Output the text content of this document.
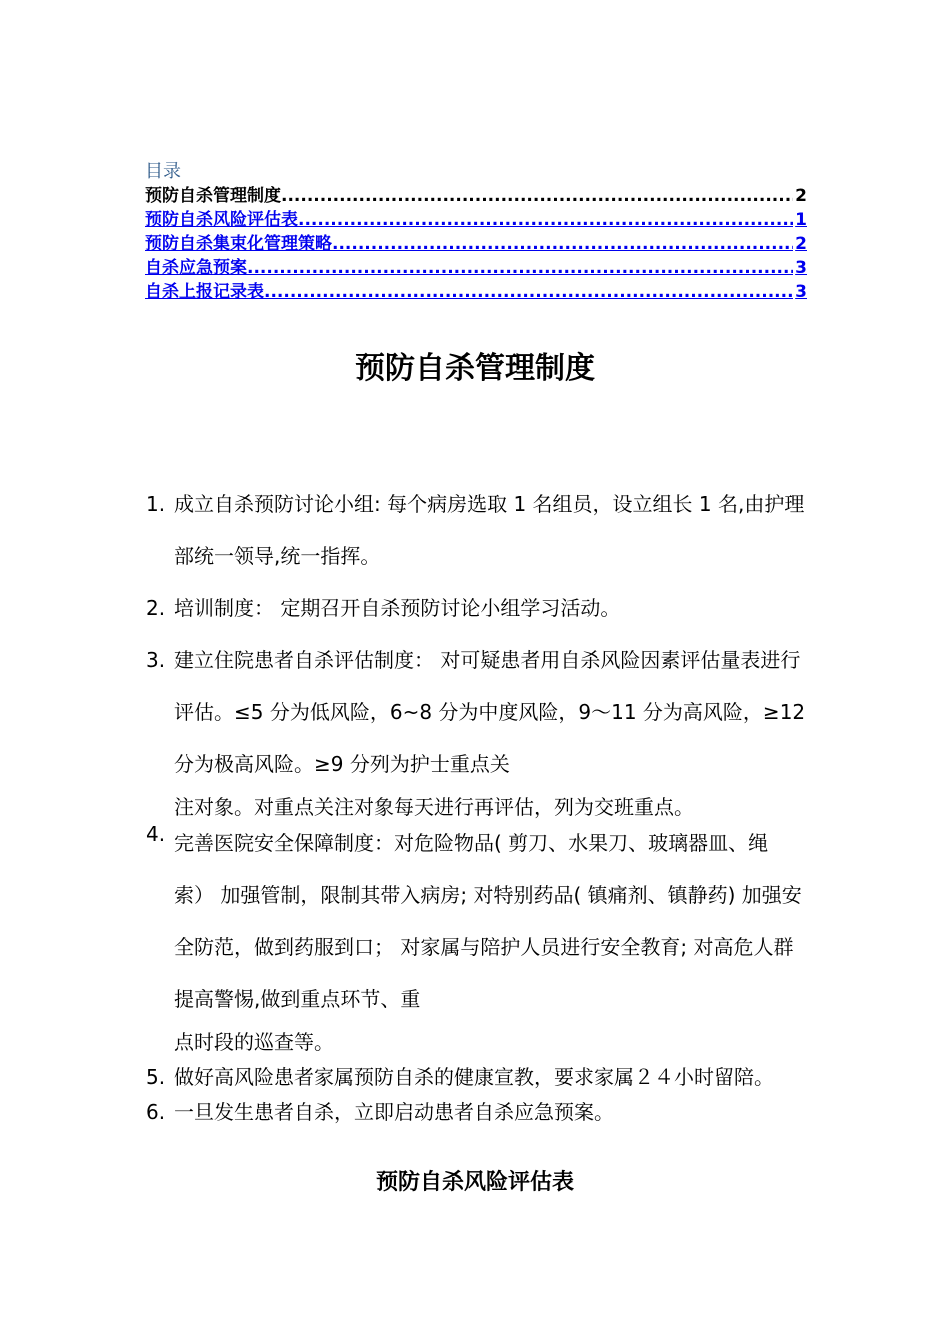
目录
预防自杀管理制度 .....	2
预防自杀风险评估表 .....	1
预防自杀集束化管理策略 .....	2
自杀应急预案 .....	3
自杀上报记录表 .....	3
预防自杀管理制度
1. 成立自杀预防讨论小组: 每个病房选取 1 名组员，设立组长 1 名,由护理部统一领导,统一指挥。

2. 培训制度： 定期召开自杀预防讨论小组学习活动。

3. 建立住院患者自杀评估制度： 对可疑患者用自杀风险因素评估量表进行评估。≤5 分为低风险，6~8 分为中度风险，9～11 分为高风险，≥12 分为极高风险。≥9 分列为护士重点关

注对象。对重点关注对象每天进行再评估，列为交班重点。

4. 完善医院安全保障制度：对危险物品( 剪刀、水果刀、玻璃器皿、绳索） 加强管制，限制其带入病房; 对特别药品( 镇痛剂、镇静药) 加强安全防范，做到药服到口； 对家属与陪护人员进行安全教育; 对高危人群提高警惕,做到重点环节、重

点时段的巡查等。

5. 做好高风险患者家属预防自杀的健康宣教，要求家属２４小时留陪。

6. 一旦发生患者自杀，立即启动患者自杀应急预案。

预防自杀风险评估表
